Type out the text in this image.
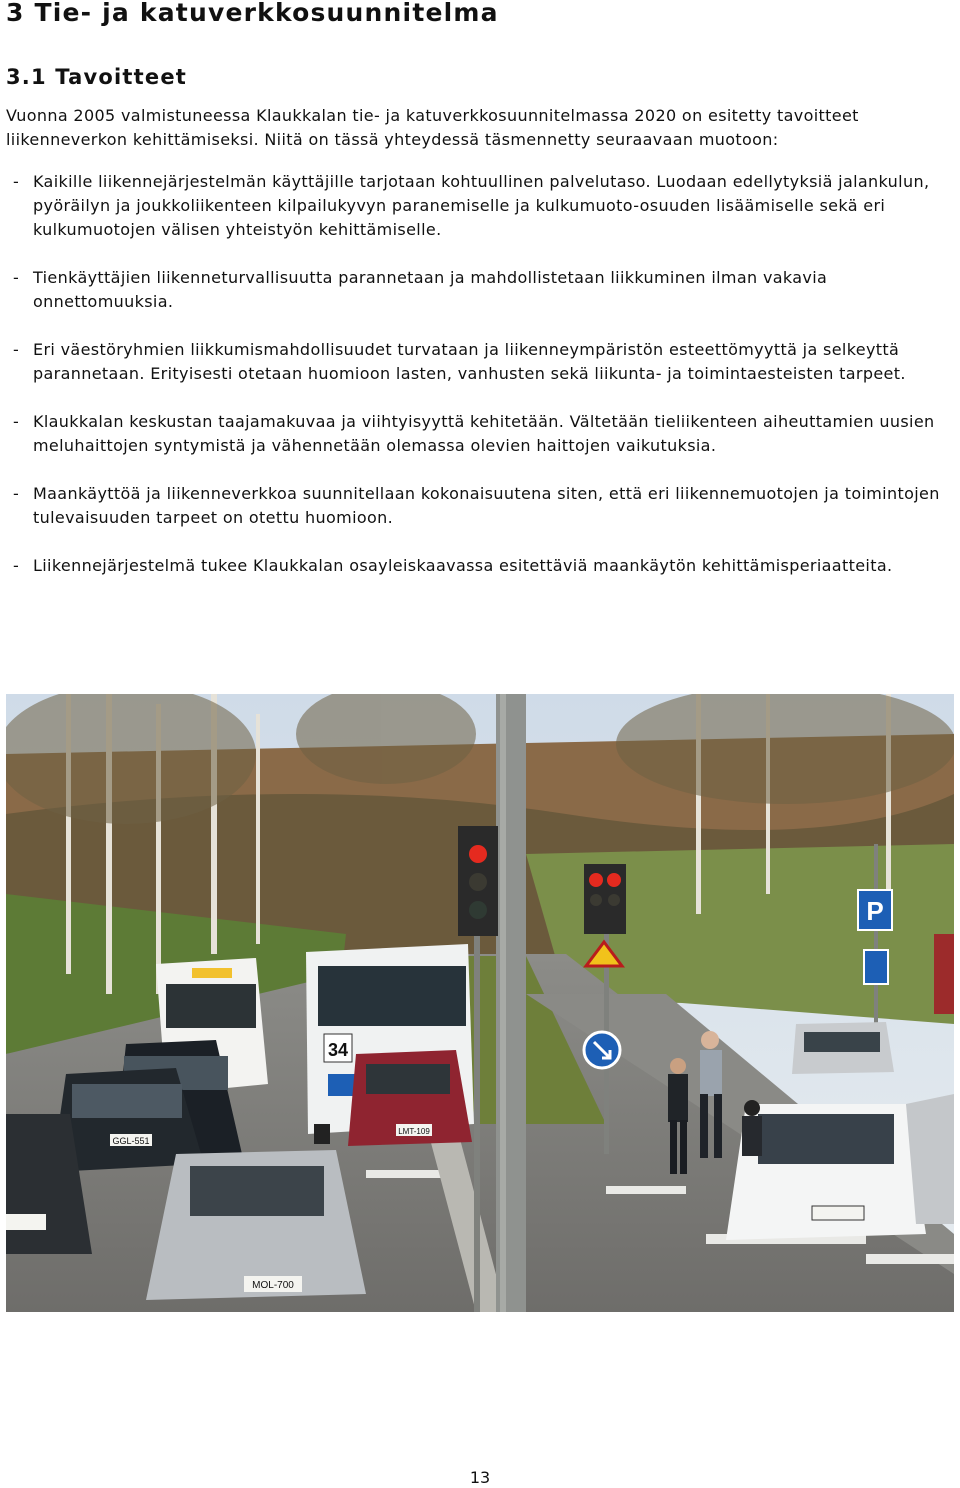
3 Tie- ja katuverkkosuunnitelma
3.1 Tavoitteet

Vuonna 2005 valmistuneessa Klaukkalan tie- ja katuverkkosuunnitelmassa 2020 on esitetty tavoitteet liikenneverkon kehittämiseksi. Niitä on tässä yhteydessä täsmennetty seuraavaan muotoon:

- Kaikille liikennejärjestelmän käyttäjille tarjotaan kohtuullinen palvelutaso. Luodaan edellytyksiä jalankulun, pyöräilyn ja joukkoliikenteen kilpailukyvyn paranemiselle ja kulkumuoto-osuuden lisäämiselle sekä eri kulkumuotojen välisen yhteistyön kehittämiselle.
- Tienkäyttäjien liikenneturvallisuutta parannetaan ja mahdollistetaan liikkuminen ilman vakavia onnettomuuksia.
- Eri väestöryhmien liikkumismahdollisuudet turvataan ja liikenneympäristön esteettömyyttä ja selkeyttä parannetaan. Erityisesti otetaan huomioon lasten, vanhusten sekä liikunta- ja toimintaesteisten tarpeet.
- Klaukkalan keskustan taajamakuvaa ja viihtyisyyttä kehitetään. Vältetään tieliikenteen aiheuttamien uusien meluhaittojen syntymistä ja vähennetään olemassa olevien haittojen vaikutuksia.
- Maankäyttöä ja liikenneverkkoa suunnitellaan kokonaisuutena siten, että eri liikennemuotojen ja toimintojen tulevaisuuden tarpeet on otettu huomioon.
- Liikennejärjestelmä tukee Klaukkalan osayleiskaavassa esitettäviä maankäytön kehittämisperiaatteita.
P
34
GGL-551
MOL-700
LMT-109
13
